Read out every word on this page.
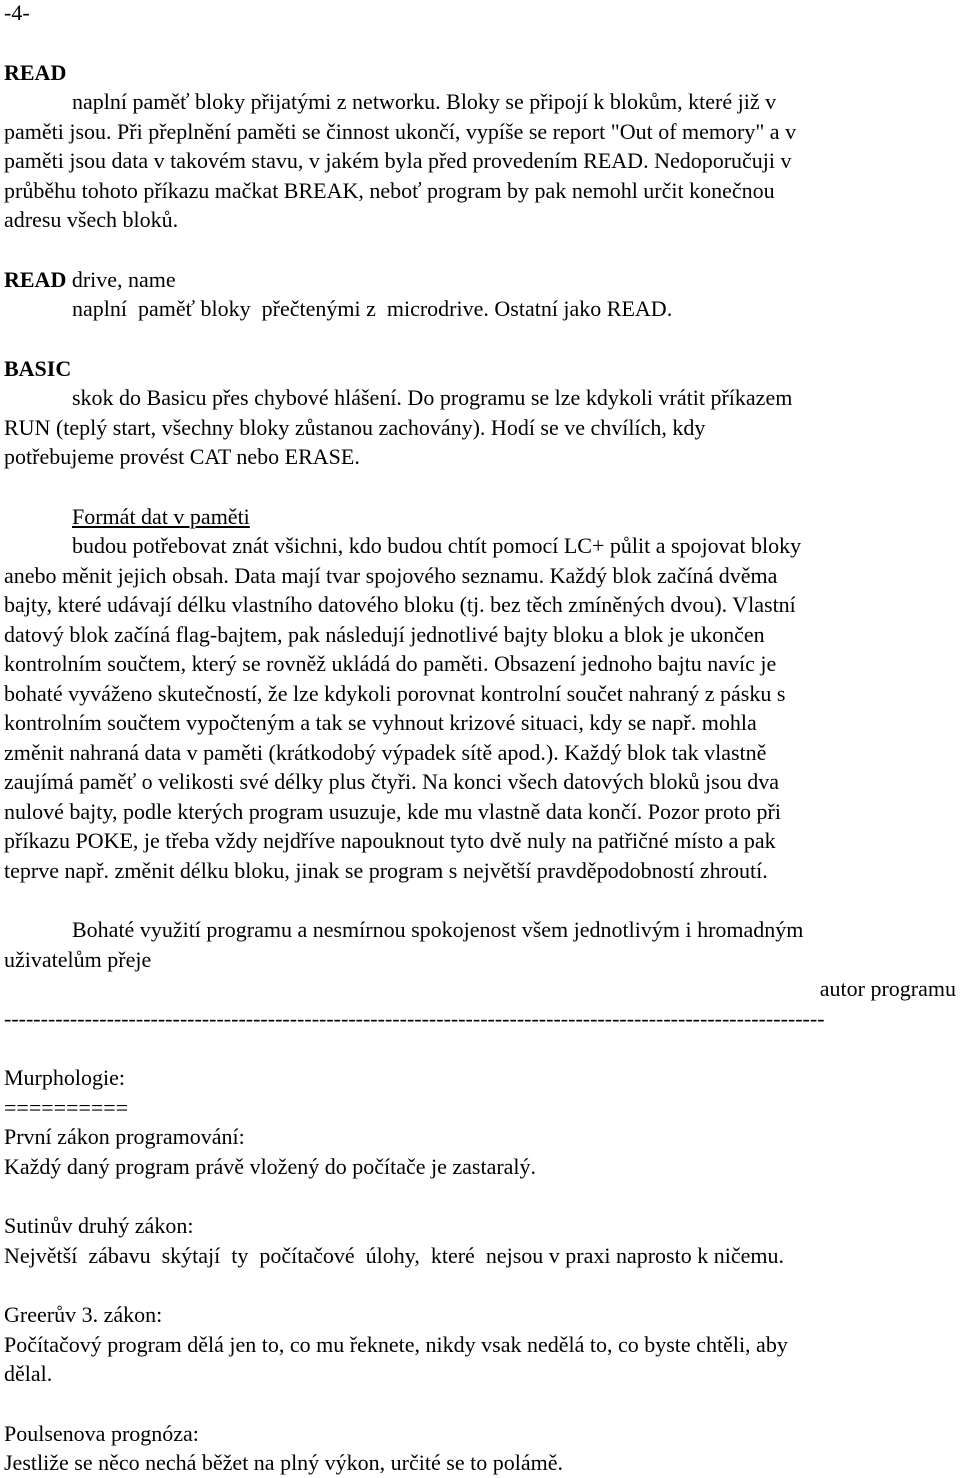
-4-
READ
naplní paměť bloky přijatými z networku. Bloky se připojí k blokům, které již v
paměti jsou. Při přeplnění paměti se činnost ukončí, vypíše se report "Out of memory" a v
paměti jsou data v takovém stavu, v jakém byla před provedením READ. Nedoporučuji v
průběhu tohoto příkazu mačkat BREAK, neboť program by pak nemohl určit konečnou
adresu všech bloků.
READ drive, name
naplní  paměť bloky  přečtenými z  microdrive. Ostatní jako READ.
BASIC
skok do Basicu přes chybové hlášení. Do programu se lze kdykoli vrátit příkazem
RUN (teplý start, všechny bloky zůstanou zachovány). Hodí se ve chvílích, kdy
potřebujeme provést CAT nebo ERASE.
Formát dat v paměti
budou potřebovat znát všichni, kdo budou chtít pomocí LC+ půlit a spojovat bloky
anebo měnit jejich obsah. Data mají tvar spojového seznamu. Každý blok začíná dvěma
bajty, které udávají délku vlastního datového bloku (tj. bez těch zmíněných dvou). Vlastní
datový blok začíná flag-bajtem, pak následují jednotlivé bajty bloku a blok je ukončen
kontrolním součtem, který se rovněž ukládá do paměti. Obsazení jednoho bajtu navíc je
bohaté vyváženo skutečností, že lze kdykoli porovnat kontrolní součet nahraný z pásku s
kontrolním součtem vypočteným a tak se vyhnout krizové situaci, kdy se např. mohla
změnit nahraná data v paměti (krátkodobý výpadek sítě apod.). Každý blok tak vlastně
zaujímá paměť o velikosti své délky plus čtyři. Na konci všech datových bloků jsou dva
nulové bajty, podle kterých program usuzuje, kde mu vlastně data končí. Pozor proto při
příkazu POKE, je třeba vždy nejdříve napouknout tyto dvě nuly na patřičné místo a pak
teprve např. změnit délku bloku, jinak se program s největší pravděpodobností zhroutí.
Bohaté využití programu a nesmírnou spokojenost všem jednotlivým i hromadným
uživatelům přeje
autor programu
----------------------------------------------------------------------------------------------------------------
Murphologie:
==========
První zákon programování:
Každý daný program právě vložený do počítače je zastaralý.
Sutinův druhý zákon:
Největší  zábavu  skýtají  ty  počítačové  úlohy,  které  nejsou v praxi naprosto k ničemu.
Greerův 3. zákon:
Počítačový program dělá jen to, co mu řeknete, nikdy vsak nedělá to, co byste chtěli, aby
dělal.
Poulsenova prognóza:
Jestliže se něco nechá běžet na plný výkon, určité se to polámě.
